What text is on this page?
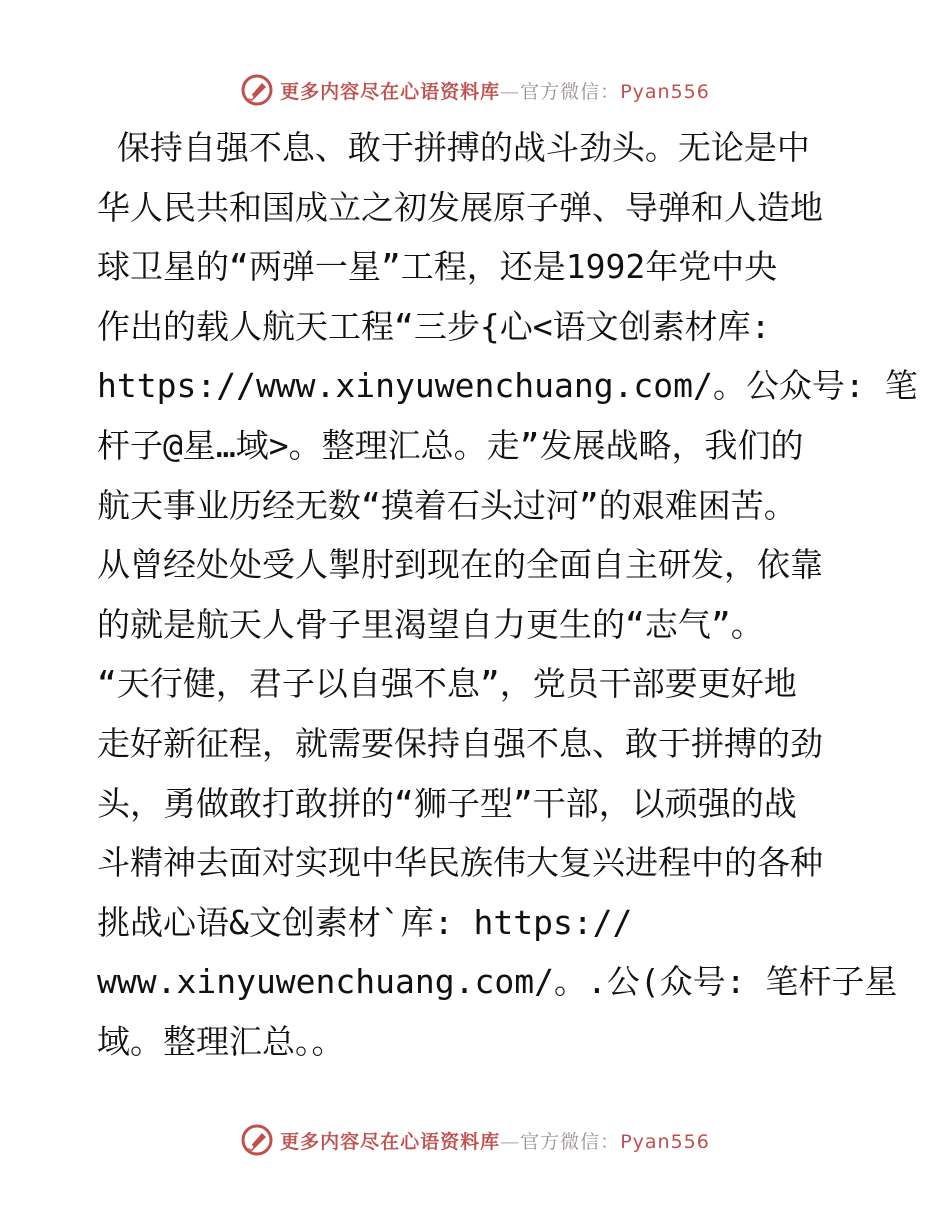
更多内容尽在心语资料库—官方微信：Pyan556
保持自强不息、敢于拼搏的战斗劲头。无论是中
华人民共和国成立之初发展原子弹、导弹和人造地
球卫星的“两弹一星”工程，还是1992年党中央
作出的载人航天工程“三步{心<语文创素材库:
https://www.xinyuwenchuang.com/。公众号: 笔
杆子@星…域>。整理汇总。走”发展战略，我们的
航天事业历经无数“摸着石头过河”的艰难困苦。
从曾经处处受人掣肘到现在的全面自主研发，依靠
的就是航天人骨子里渴望自力更生的“志气”。
“天行健，君子以自强不息”，党员干部要更好地
走好新征程，就需要保持自强不息、敢于拼搏的劲
头，勇做敢打敢拼的“狮子型”干部，以顽强的战
斗精神去面对实现中华民族伟大复兴进程中的各种
挑战心语&文创素材`库: https://
www.xinyuwenchuang.com/。.公(众号: 笔杆子星
域。整理汇总。。
更多内容尽在心语资料库—官方微信：Pyan556
